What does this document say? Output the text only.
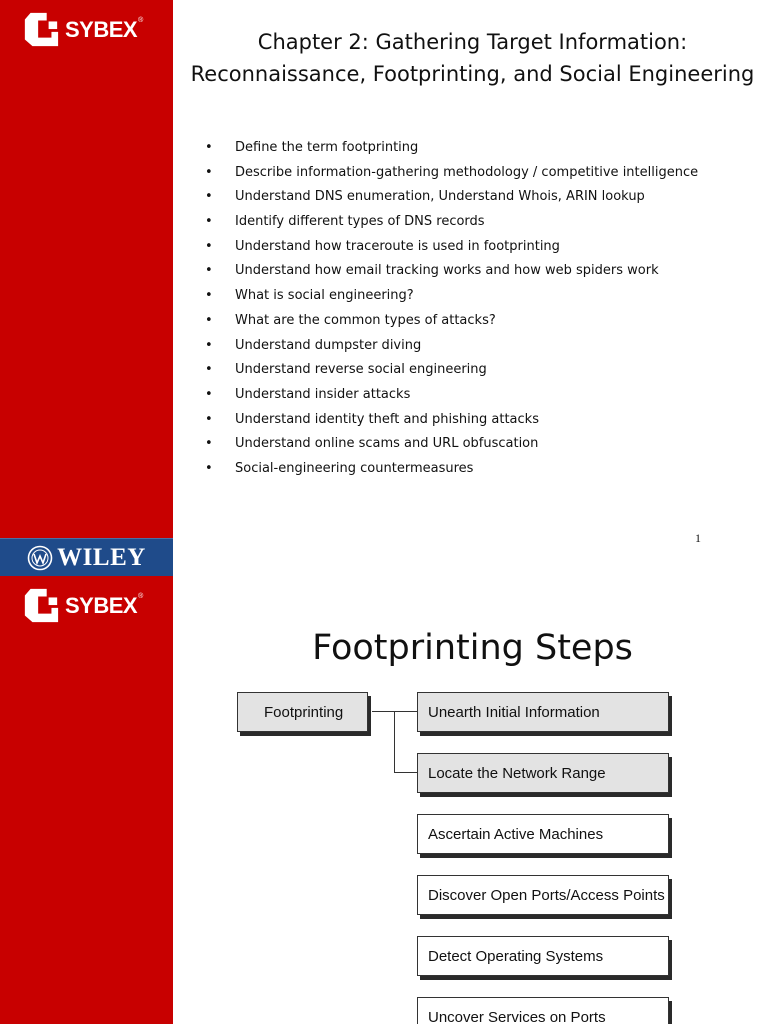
SYBEX®
WILEY
Chapter 2: Gathering Target Information: Reconnaissance, Footprinting, and Social Engineering
• Define the term footprinting
• Describe information-gathering methodology / competitive intelligence
• Understand DNS enumeration, Understand Whois, ARIN lookup
• Identify different types of DNS records
• Understand how traceroute is used in footprinting
• Understand how email tracking works and how web spiders work
• What is social engineering?
• What are the common types of attacks?
• Understand dumpster diving
• Understand reverse social engineering
• Understand insider attacks
• Understand identity theft and phishing attacks
• Understand online scams and URL obfuscation
• Social-engineering countermeasures
1
SYBEX®
Footprinting Steps
Footprinting	Unearth Initial Information
Locate the Network Range
Ascertain Active Machines
Discover Open Ports/Access Points
Detect Operating Systems
Uncover Services on Ports
